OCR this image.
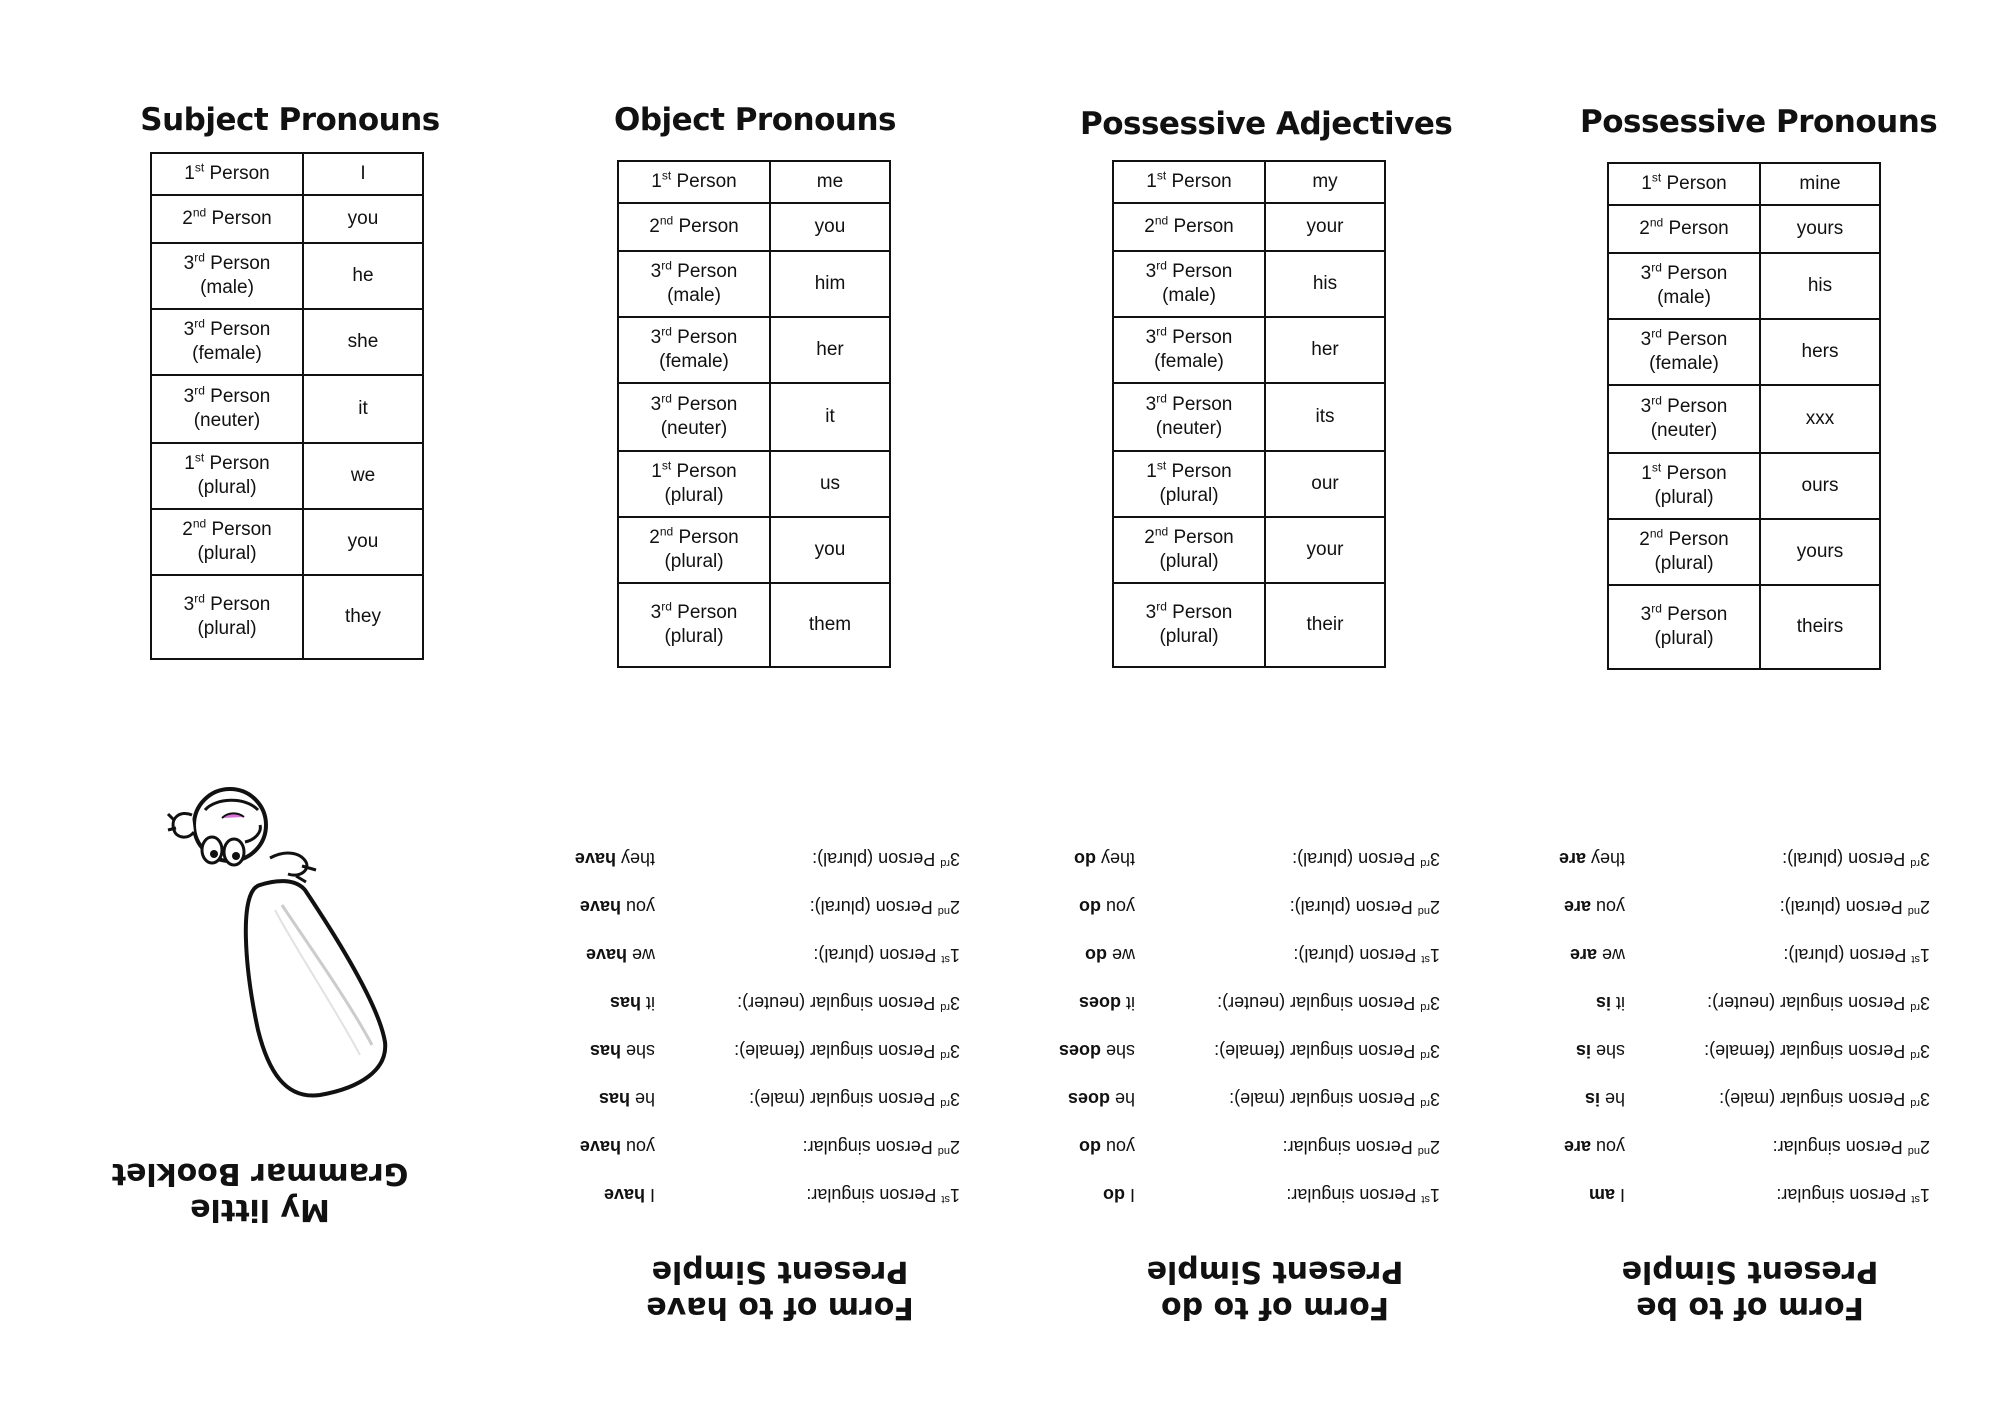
Subject Pronouns
1st Person	I
2nd Person	you
3rd Person
(male)	he
3rd Person
(female)	she
3rd Person
(neuter)	it
1st Person
(plural)	we
2nd Person
(plural)	you
3rd Person
(plural)	they
Object Pronouns
1st Person	me
2nd Person	you
3rd Person
(male)	him
3rd Person
(female)	her
3rd Person
(neuter)	it
1st Person
(plural)	us
2nd Person
(plural)	you
3rd Person
(plural)	them
Possessive Adjectives
1st Person	my
2nd Person	your
3rd Person
(male)	his
3rd Person
(female)	her
3rd Person
(neuter)	its
1st Person
(plural)	our
2nd Person
(plural)	your
3rd Person
(plural)	their
Possessive Pronouns
1st Person	mine
2nd Person	yours
3rd Person
(male)	his
3rd Person
(female)	hers
3rd Person
(neuter)	xxx
1st Person
(plural)	ours
2nd Person
(plural)	yours
3rd Person
(plural)	theirs
My little
Grammar Booklet
Form of to have
Present Simple
1st Person singular:
I have
2nd Person singular:
you have
3rd Person singular (male):
he has
3rd Person singular (female):
she has
3rd Person singular (neuter):
it has
1st Person (plural):
we have
2nd Person (plural):
you have
3rd Person (plural):
they have
Form of to do
Present Simple
1st Person singular:
I do
2nd Person singular:
you do
3rd Person singular (male):
he does
3rd Person singular (female):
she does
3rd Person singular (neuter):
it does
1st Person (plural):
we do
2nd Person (plural):
you do
3rd Person (plural):
they do
Form of to be
Present Simple
1st Person singular:
I am
2nd Person singular:
you are
3rd Person singular (male):
he is
3rd Person singular (female):
she is
3rd Person singular (neuter):
it is
1st Person (plural):
we are
2nd Person (plural):
you are
3rd Person (plural):
they are
